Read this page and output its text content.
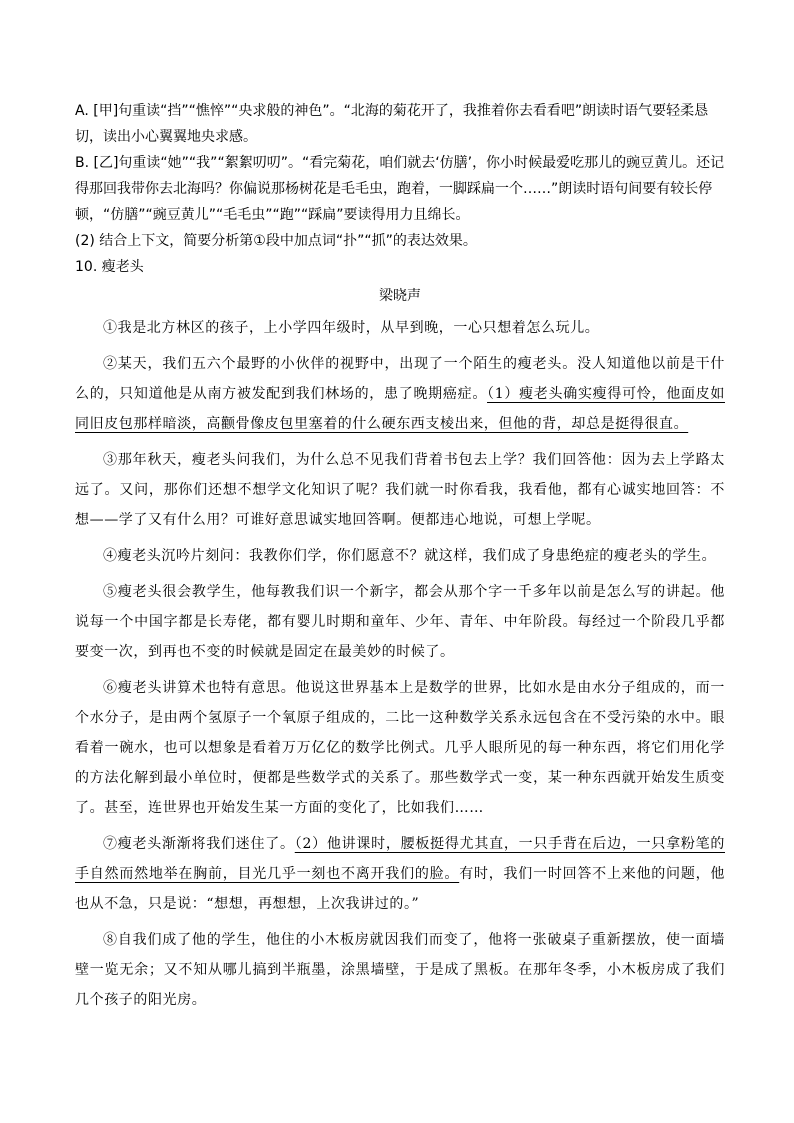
A. [甲]句重读“挡”“憔悴”“央求般的神色”。“北海的菊花开了，我推着你去看看吧”朗读时语气要轻柔恳切，读出小心翼翼地央求感。

B. [乙]句重读“她”“我”“絮絮叨叨”。“看完菊花，咱们就去‘仿膳’，你小时候最爱吃那儿的豌豆黄儿。还记得那回我带你去北海吗？你偏说那杨树花是毛毛虫，跑着，一脚踩扁一个……”朗读时语句间要有较长停顿，“仿膳”“豌豆黄儿”“毛毛虫”“跑”“踩扁”要读得用力且绵长。

(2) 结合上下文，简要分析第①段中加点词“扑”“抓”的表达效果。

10. 瘦老头

梁晓声

①我是北方林区的孩子，上小学四年级时，从早到晚，一心只想着怎么玩儿。

②某天，我们五六个最野的小伙伴的视野中，出现了一个陌生的瘦老头。没人知道他以前是干什么的，只知道他是从南方被发配到我们林场的，患了晚期癌症。（1）瘦老头确实瘦得可怜，他面皮如同旧皮包那样暗淡，高颧骨像皮包里塞着的什么硬东西支棱出来，但他的背，却总是挺得很直。

③那年秋天，瘦老头问我们，为什么总不见我们背着书包去上学？我们回答他：因为去上学路太远了。又问，那你们还想不想学文化知识了呢？我们就一时你看我，我看他，都有心诚实地回答：不想——学了又有什么用？可谁好意思诚实地回答啊。便都违心地说，可想上学呢。

④瘦老头沉吟片刻问：我教你们学，你们愿意不？就这样，我们成了身患绝症的瘦老头的学生。

⑤瘦老头很会教学生，他每教我们识一个新字，都会从那个字一千多年以前是怎么写的讲起。他说每一个中国字都是长寿佬，都有婴儿时期和童年、少年、青年、中年阶段。每经过一个阶段几乎都要变一次，到再也不变的时候就是固定在最美妙的时候了。

⑥瘦老头讲算术也特有意思。他说这世界基本上是数学的世界，比如水是由水分子组成的，而一个水分子，是由两个氢原子一个氧原子组成的，二比一这种数学关系永远包含在不受污染的水中。眼看着一碗水，也可以想象是看着万万亿亿的数学比例式。几乎人眼所见的每一种东西，将它们用化学的方法化解到最小单位时，便都是些数学式的关系了。那些数学式一变，某一种东西就开始发生质变了。甚至，连世界也开始发生某一方面的变化了，比如我们……

⑦瘦老头渐渐将我们迷住了。（2）他讲课时，腰板挺得尤其直，一只手背在后边，一只拿粉笔的手自然而然地举在胸前，目光几乎一刻也不离开我们的脸。有时，我们一时回答不上来他的问题，他也从不急，只是说：“想想，再想想，上次我讲过的。”

⑧自我们成了他的学生，他住的小木板房就因我们而变了，他将一张破桌子重新摆放，使一面墙壁一览无余；又不知从哪儿搞到半瓶墨，涂黑墙壁，于是成了黑板。在那年冬季，小木板房成了我们几个孩子的阳光房。
